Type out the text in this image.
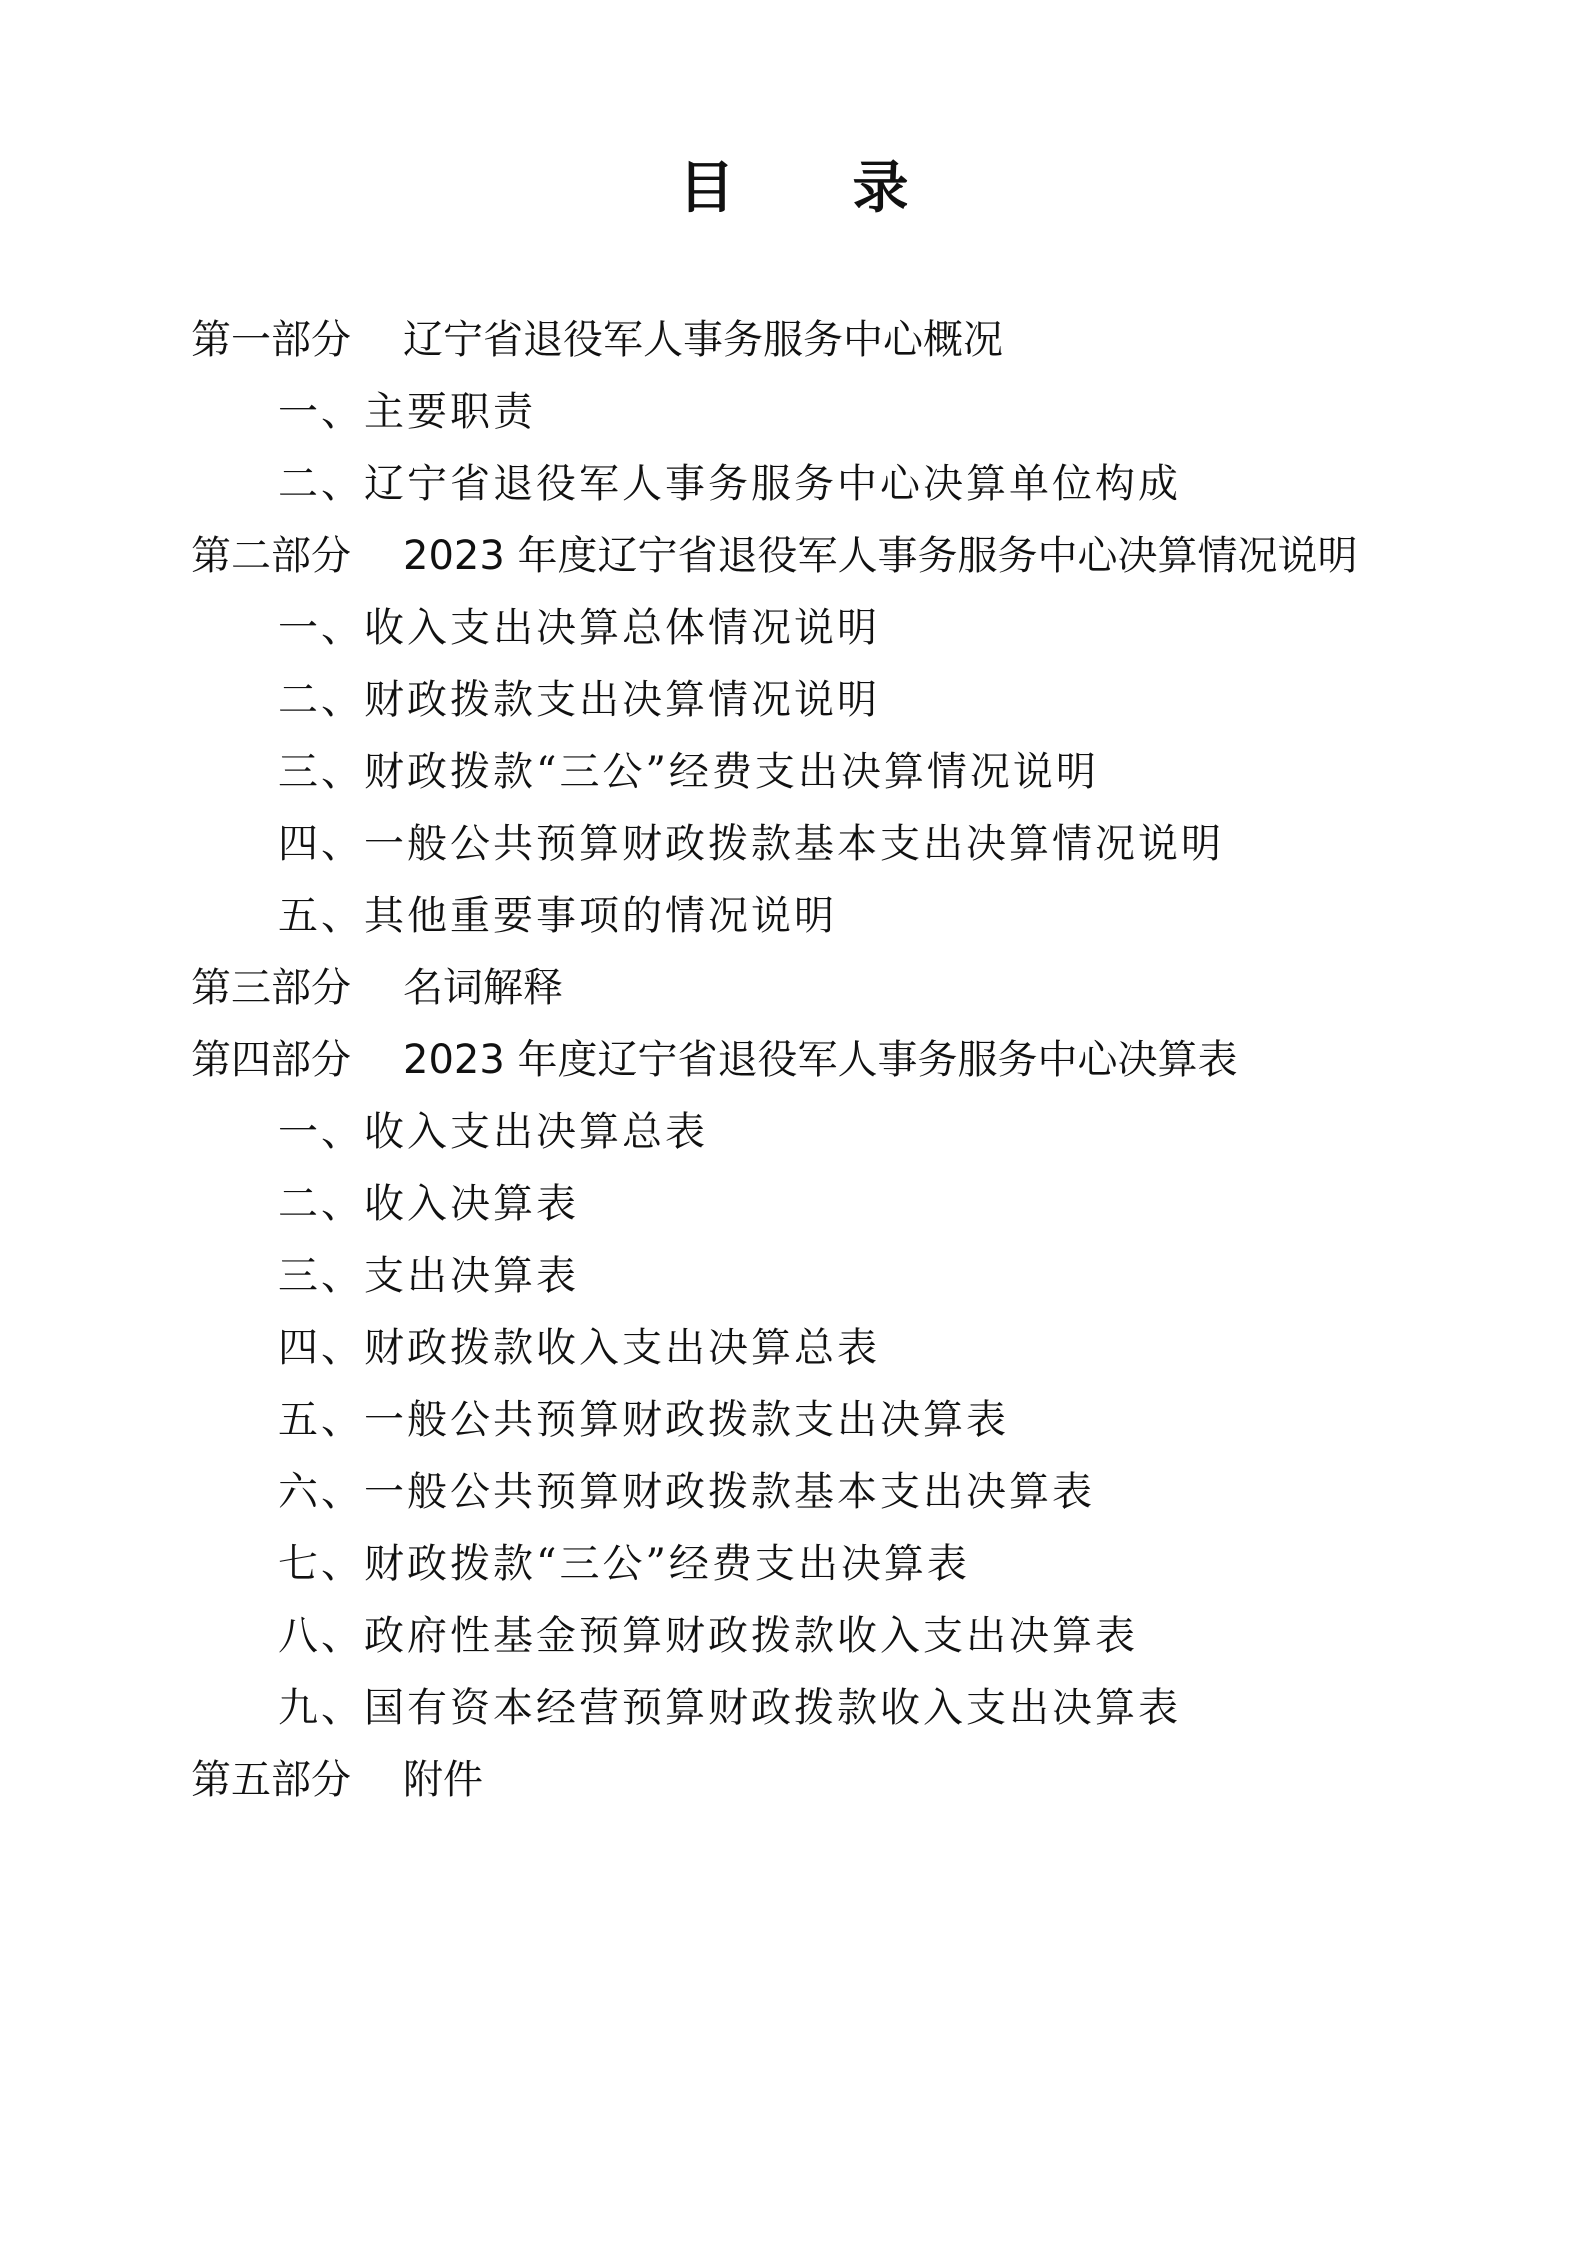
目录
第一部分 辽宁省退役军人事务服务中心概况
一、主要职责
二、辽宁省退役军人事务服务中心决算单位构成
第二部分 2023 年度辽宁省退役军人事务服务中心决算情况说明
一、收入支出决算总体情况说明
二、财政拨款支出决算情况说明
三、财政拨款“三公”经费支出决算情况说明
四、一般公共预算财政拨款基本支出决算情况说明
五、其他重要事项的情况说明
第三部分 名词解释
第四部分 2023 年度辽宁省退役军人事务服务中心决算表
一、收入支出决算总表
二、收入决算表
三、支出决算表
四、财政拨款收入支出决算总表
五、一般公共预算财政拨款支出决算表
六、一般公共预算财政拨款基本支出决算表
七、财政拨款“三公”经费支出决算表
八、政府性基金预算财政拨款收入支出决算表
九、国有资本经营预算财政拨款收入支出决算表
第五部分 附件
